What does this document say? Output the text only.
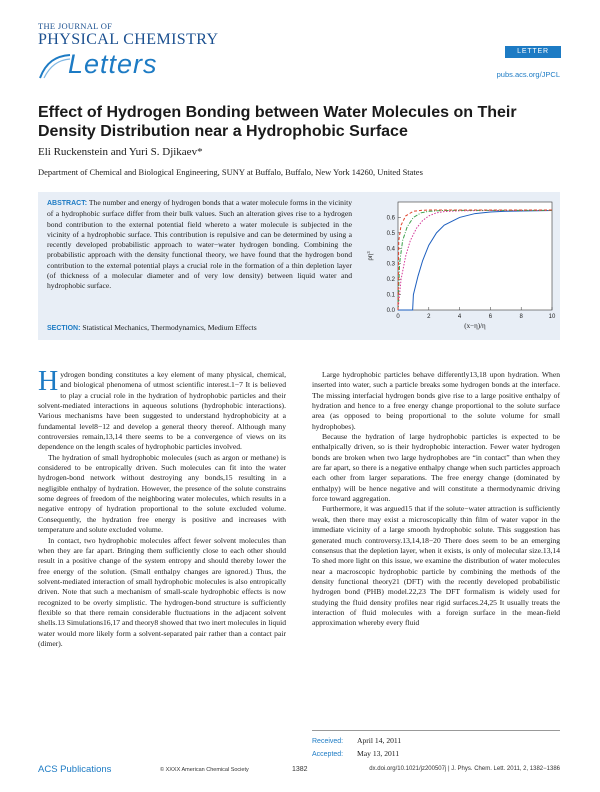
THE JOURNAL OF
PHYSICAL CHEMISTRY
Letters	LETTER
pubs.acs.org/JPCL
Effect of Hydrogen Bonding between Water Molecules on Their Density Distribution near a Hydrophobic Surface
Eli Ruckenstein and Yuri S. Djikaev*
Department of Chemical and Biological Engineering, SUNY at Buffalo, Buffalo, New York 14260, United States
ABSTRACT: The number and energy of hydrogen bonds that a water molecule forms in the vicinity of a hydrophobic surface differ from their bulk values. Such an alteration gives rise to a hydrogen bond contribution to the external potential field whereto a water molecule is subjected in the vicinity of a hydrophobic surface. This contribution is repulsive and can be determined by using a recently developed probabilistic approach to water−water hydrogen bonding. Combining the probabilistic approach with the density functional theory, we have found that the hydrogen bond contribution to the external potential plays a crucial role in the formation of a thin depletion layer (of thickness of a molecular diameter and of very low density) between liquid water and hydrophobic surface.
SECTION: Statistical Mechanics, Thermodynamics, Medium Effects
0	2	4	6	8	10
0.0
0.1
0.2
0.3
0.4
0.5
0.6
(x−η)/η
ρη³

Hydrogen bonding constitutes a key element of many physical, chemical, and biological phenomena of utmost scientific interest.1−7 It is believed to play a crucial role in the hydration of hydrophobic particles and their solvent-mediated interactions in aqueous solutions (hydrophobic interactions). Various mechanisms have been suggested to understand hydrophobicity at a fundamental level8−12 and develop a general theory thereof. Although many controversies remain,13,14 there seems to be a convergence of views on its dependence on the length scales of hydrophobic particles involved.

The hydration of small hydrophobic molecules (such as argon or methane) is considered to be entropically driven. Such molecules can fit into the water hydrogen-bond network without destroying any bonds,15 resulting in a negligible enthalpy of hydration. However, the presence of the solute constrains some degrees of freedom of the neighboring water molecules, which results in a negative entropy of hydration proportional to the solute excluded volume. Consequently, the hydration free energy is positive and increases with temperature and solute excluded volume.

In contact, two hydrophobic molecules affect fewer solvent molecules than when they are far apart. Bringing them sufficiently close to each other should result in a positive change of the system entropy and should thereby lower the free energy of the solution. (Small enthalpy changes are ignored.) Thus, the solvent-mediated interaction of small hydrophobic molecules is also entropically driven. Note that such a mechanism of small-scale hydrophobic effects is now recognized to be overly simplistic. The hydrogen-bond structure is sufficiently flexible so that there remain considerable fluctuations in the adjacent solvent shells.13 Simulations16,17 and theory8 showed that two inert molecules in liquid water would more likely form a solvent-separated pair rather than a contact pair (dimer).

Large hydrophobic particles behave differently13,18 upon hydration. When inserted into water, such a particle breaks some hydrogen bonds at the interface. The missing interfacial hydrogen bonds give rise to a large positive enthalpy of hydration and hence to a free energy change proportional to the solute surface area (as opposed to being proportional to the solute volume for small hydrophobes).

Because the hydration of large hydrophobic particles is expected to be enthalpically driven, so is their hydrophobic interaction. Fewer water hydrogen bonds are broken when two large hydrophobes are “in contact” than when they are far apart, so there is a negative enthalpy change when such particles approach each other from larger separations. The free energy change (dominated by enthalpy) will be hence negative and will constitute a thermodynamic driving force toward aggregation.

Furthermore, it was argued15 that if the solute−water attraction is sufficiently weak, then there may exist a microscopically thin film of water vapor in the immediate vicinity of a large smooth hydrophobic solute. This suggestion has generated much controversy.13,14,18−20 There does seem to be an emerging consensus that the depletion layer, when it exists, is only of molecular size.13,14 To shed more light on this issue, we examine the distribution of water molecules near a macroscopic hydrophobic particle by combining the methods of the density functional theory21 (DFT) with the recently developed probabilistic hydrogen bond (PHB) model.22,23 The DFT formalism is widely used for studying the fluid density profiles near rigid surfaces.24,25 It usually treats the interaction of fluid molecules with a foreign surface in the mean-field approximation whereby every fluid

Received: April 14, 2011
Accepted: May 13, 2011
ACS Publications	© XXXX American Chemical Society	1382	dx.doi.org/10.1021/jz200507j | J. Phys. Chem. Lett. 2011, 2, 1382−1386
